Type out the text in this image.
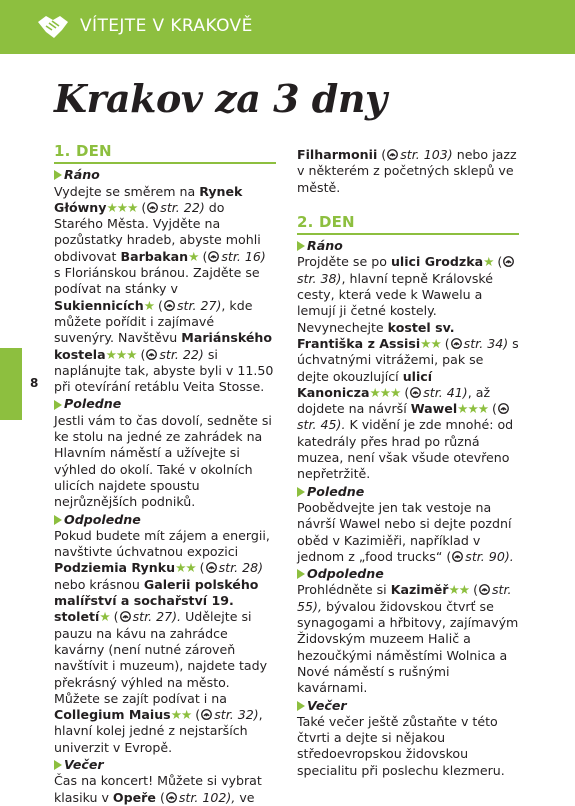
VÍTEJTE V KRAKOVĚ
Krakov za 3 dny
8
1. DEN
Ráno

Vydejte se směrem na Rynek Główny★★★ ( str. 22) do Starého Města. Vyjděte na pozůstatky hradeb, abyste mohli obdivovat Barbakan★ ( str. 16) s Floriánskou bránou. Zajděte se podívat na stánky v Sukiennicích★ ( str. 27), kde můžete pořídit i zajímavé suvenýry. Navštěvu Mariánského kostela★★★ ( str. 22) si naplánujte tak, abyste byli v 11.50 při otevírání retáblu Veita Stosse.

Poledne

Jestli vám to čas dovolí, sedněte si ke stolu na jedné ze zahrádek na Hlavním náměstí a užívejte si výhled do okolí. Také v okolních ulicích najdete spoustu nejrůznějších podniků.

Odpoledne

Pokud budete mít zájem a energii, navštivte úchvatnou expozici Podziemia Rynku★★ ( str. 28) nebo krásnou Galerii polského malířství a sochařství 19. století★ ( str. 27). Udělejte si pauzu na kávu na zahrádce kavárny (není nutné zároveň navštívit i muzeum), najdete tady překrásný výhled na město. Můžete se zajít podívat i na Collegium Maius★★ ( str. 32), hlavní kolej jedné z nejstarších univerzit v Evropě.

Večer

Čas na koncert! Můžete si vybrat klasiku v Opeře ( str. 102), ve

Filharmonii ( str. 103) nebo jazz v některém z početných sklepů ve městě.

2. DEN
Ráno

Projděte se po ulici Grodzka★ (str. 38), hlavní tepně Královské cesty, která vede k Wawelu a lemují ji četné kostely. Nevynechejte kostel sv. Františka z Assisi★★ ( str. 34) s úchvatnými vitrážemi, pak se dejte okouzlující ulicí Kanonicza★★★ ( str. 41), až dojdete na návrší Wawel★★★ (str. 45). K vidění je zde mnohé: od katedrály přes hrad po různá muzea, není však všude otevřeno nepřetržitě.

Poledne

Poobědvejte jen tak vestoje na návrší Wawel nebo si dejte pozdní oběd v Kazimiěři, například v jednom z „food trucks“ ( str. 90).

Odpoledne

Prohlédněte si Kazimĕř★★ ( str. 55), bývalou židovskou čtvrť se synagogami a hřbitovy, zajímavým Židovským muzeem Halič a hezoučkými náměstími Wolnica a Nové náměstí s rušnými kavárnami.

Večer

Také večer ještě zůstaňte v této čtvrti a dejte si nějakou středoevropskou židovskou specialitu při poslechu klezmeru.
